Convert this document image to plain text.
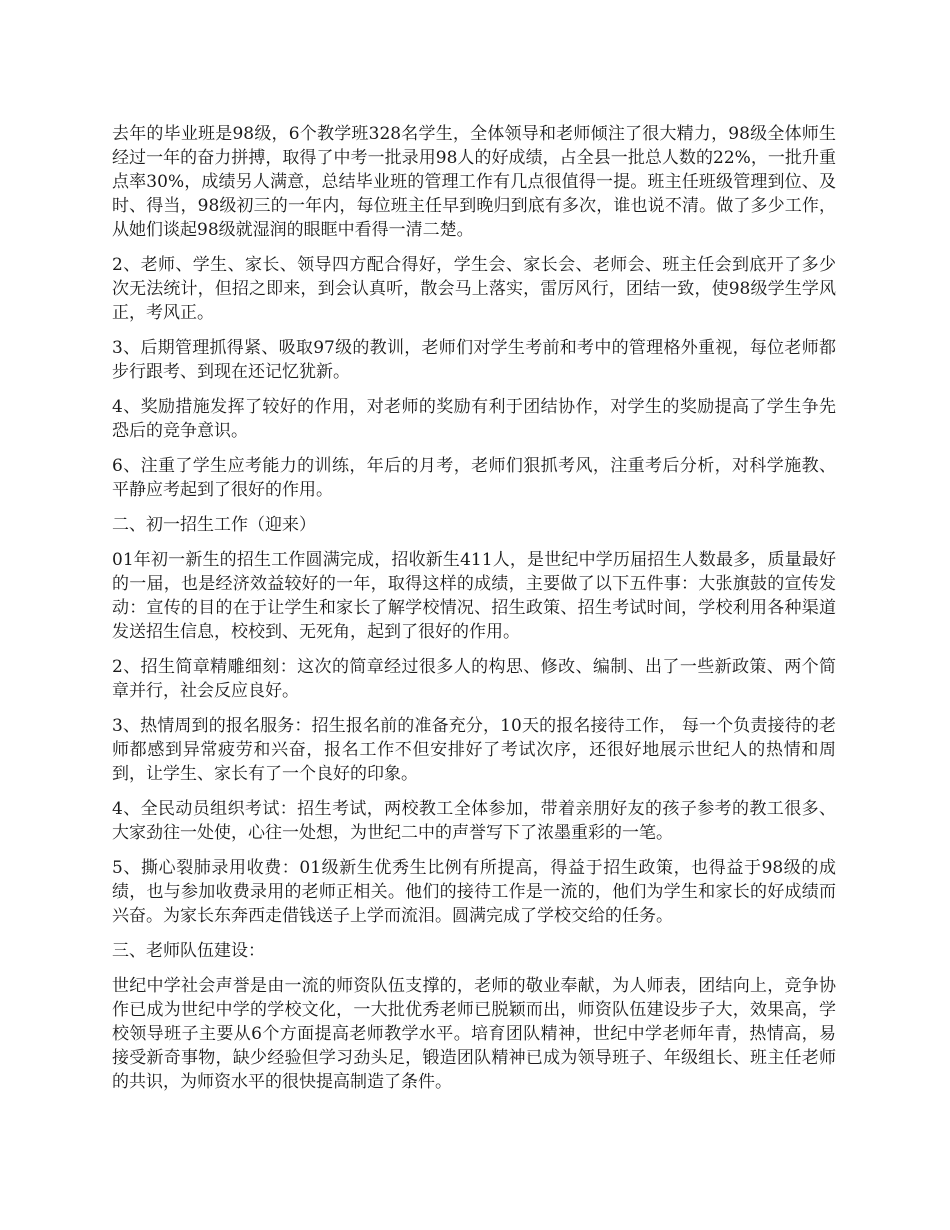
去年的毕业班是98级，6个教学班328名学生，全体领导和老师倾注了很大精力，98级全体师生经过一年的奋力拼搏，取得了中考一批录用98人的好成绩，占全县一批总人数的22%，一批升重点率30%，成绩另人满意，总结毕业班的管理工作有几点很值得一提。班主任班级管理到位、及时、得当，98级初三的一年内，每位班主任早到晚归到底有多次，谁也说不清。做了多少工作，从她们谈起98级就湿润的眼眶中看得一清二楚。

2、老师、学生、家长、领导四方配合得好，学生会、家长会、老师会、班主任会到底开了多少次无法统计，但招之即来，到会认真听，散会马上落实，雷厉风行，团结一致，使98级学生学风正，考风正。

3、后期管理抓得紧、吸取97级的教训，老师们对学生考前和考中的管理格外重视，每位老师都步行跟考、到现在还记忆犹新。

4、奖励措施发挥了较好的作用，对老师的奖励有利于团结协作，对学生的奖励提高了学生争先恐后的竞争意识。

6、注重了学生应考能力的训练，年后的月考，老师们狠抓考风，注重考后分析，对科学施教、平静应考起到了很好的作用。

二、初一招生工作（迎来）

01年初一新生的招生工作圆满完成，招收新生411人，是世纪中学历届招生人数最多，质量最好的一届，也是经济效益较好的一年，取得这样的成绩，主要做了以下五件事：大张旗鼓的宣传发动：宣传的目的在于让学生和家长了解学校情况、招生政策、招生考试时间，学校利用各种渠道发送招生信息，校校到、无死角，起到了很好的作用。

2、招生简章精雕细刻：这次的简章经过很多人的构思、修改、编制、出了一些新政策、两个简章并行，社会反应良好。

3、热情周到的报名服务：招生报名前的准备充分，10天的报名接待工作， 每一个负责接待的老师都感到异常疲劳和兴奋，报名工作不但安排好了考试次序，还很好地展示世纪人的热情和周到，让学生、家长有了一个良好的印象。

4、全民动员组织考试：招生考试，两校教工全体参加，带着亲朋好友的孩子参考的教工很多、大家劲往一处使，心往一处想，为世纪二中的声誉写下了浓墨重彩的一笔。

5、撕心裂肺录用收费：01级新生优秀生比例有所提高，得益于招生政策，也得益于98级的成绩，也与参加收费录用的老师正相关。他们的接待工作是一流的，他们为学生和家长的好成绩而兴奋。为家长东奔西走借钱送子上学而流泪。圆满完成了学校交给的任务。

三、老师队伍建设：

世纪中学社会声誉是由一流的师资队伍支撑的，老师的敬业奉献，为人师表，团结向上，竞争协作已成为世纪中学的学校文化，一大批优秀老师已脱颖而出，师资队伍建设步子大，效果高，学校领导班子主要从6个方面提高老师教学水平。培育团队精神，世纪中学老师年青，热情高，易接受新奇事物，缺少经验但学习劲头足，锻造团队精神已成为领导班子、年级组长、班主任老师的共识，为师资水平的很快提高制造了条件。
